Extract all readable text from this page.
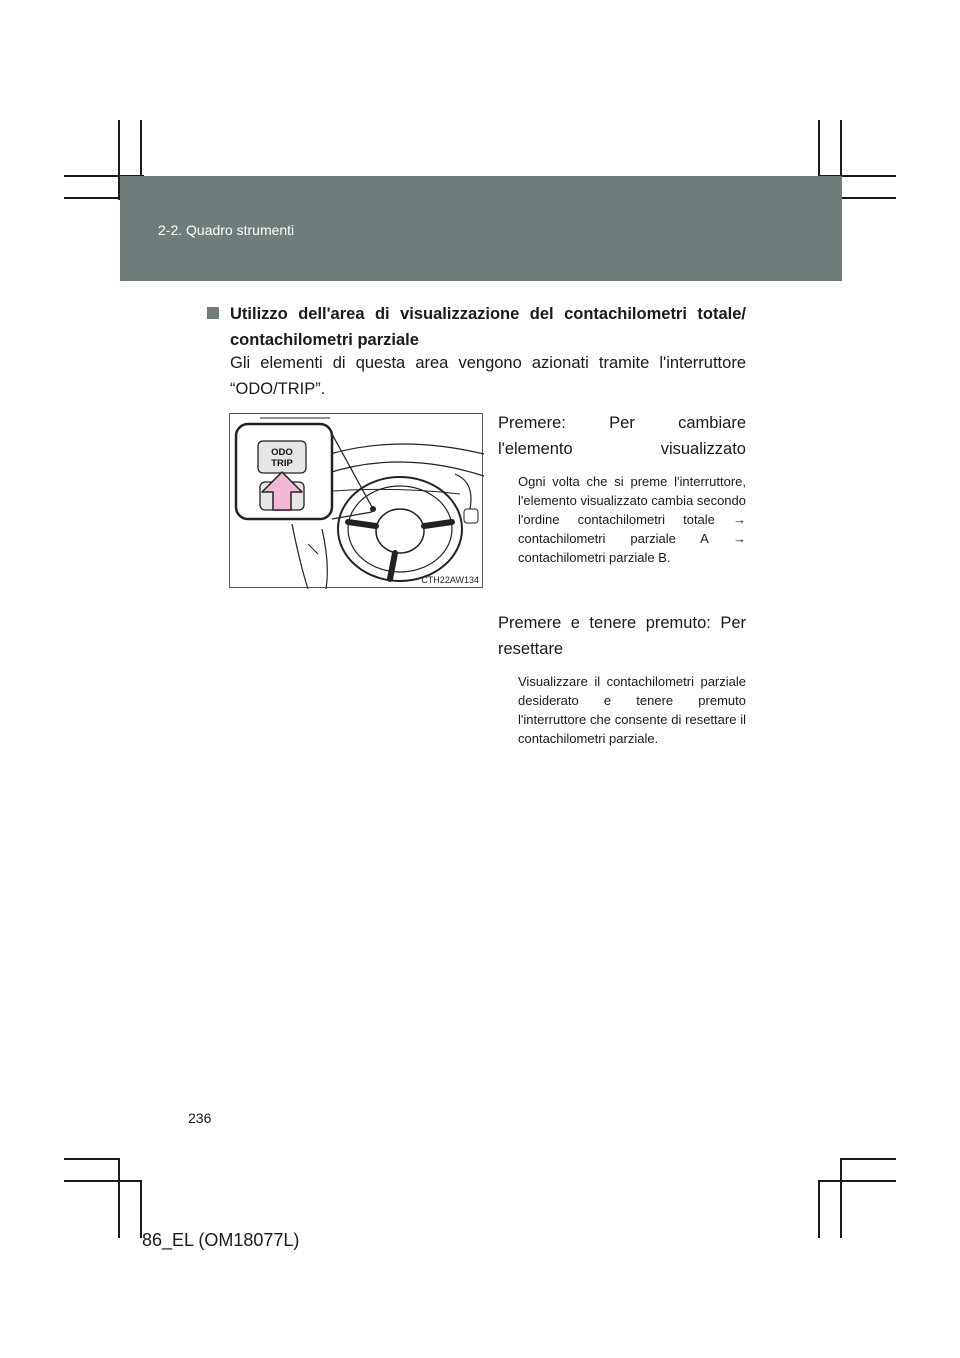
2-2. Quadro strumenti
Utilizzo dell'area di visualizzazione del contachilometri totale/ contachilometri parziale
Gli elementi di questa area vengono azionati tramite l'interruttore “ODO/TRIP”.
ODO
TRIP
CTH22AW134
Premere: Per cambiare l'elemento visualizzato
Ogni volta che si preme l'interruttore, l'elemento visualizzato cambia secondo l'ordine contachilometri totale → contachilometri parziale A → contachilometri parziale B.
Premere e tenere premuto: Per resettare
Visualizzare il contachilometri parziale desiderato e tenere premuto l'interruttore che consente di resettare il contachilometri parziale.
236
86_EL (OM18077L)
